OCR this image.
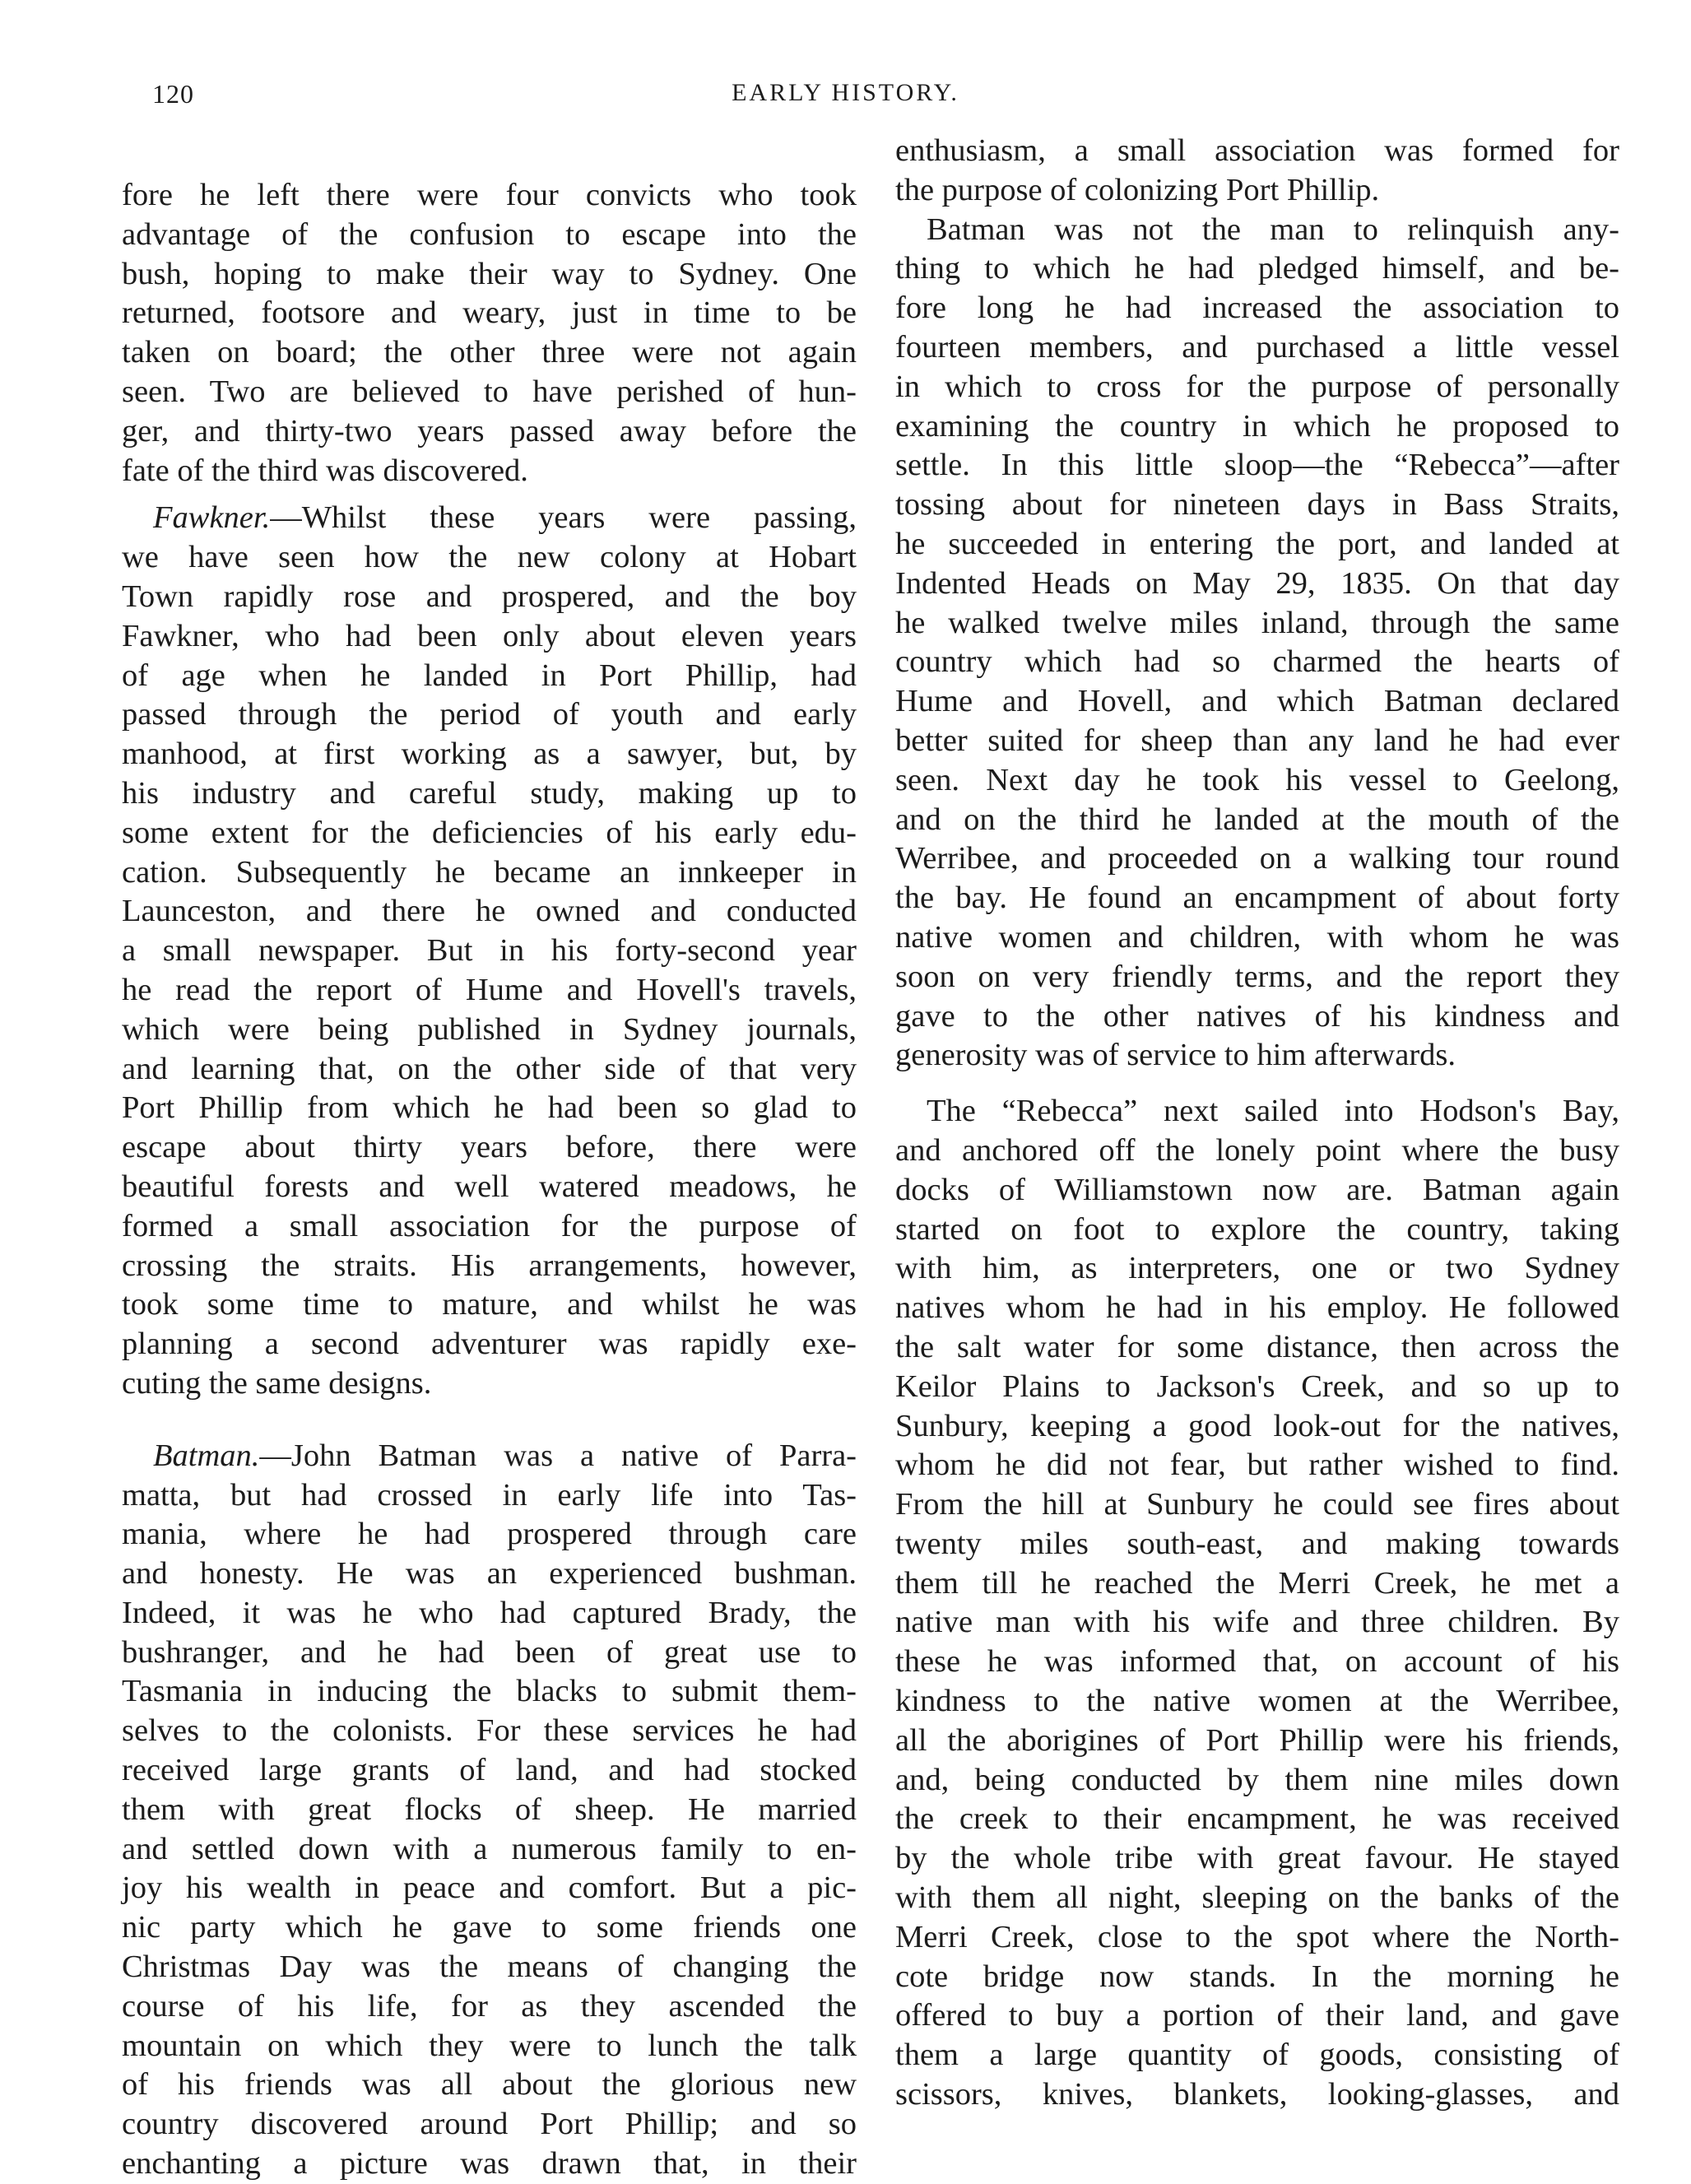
120	EARLY HISTORY.
fore he left there were four convicts who took
advantage of the confusion to escape into the
bush, hoping to make their way to Sydney. One
returned, footsore and weary, just in time to be
taken on board; the other three were not again
seen. Two are believed to have perished of hun-
ger, and thirty-two years passed away before the
fate of the third was discovered.
Fawkner.—Whilst these years were passing,
we have seen how the new colony at Hobart
Town rapidly rose and prospered, and the boy
Fawkner, who had been only about eleven years
of age when he landed in Port Phillip, had
passed through the period of youth and early
manhood, at first working as a sawyer, but, by
his industry and careful study, making up to
some extent for the deficiencies of his early edu-
cation. Subsequently he became an innkeeper in
Launceston, and there he owned and conducted
a small newspaper. But in his forty-second year
he read the report of Hume and Hovell's travels,
which were being published in Sydney journals,
and learning that, on the other side of that very
Port Phillip from which he had been so glad to
escape about thirty years before, there were
beautiful forests and well watered meadows, he
formed a small association for the purpose of
crossing the straits. His arrangements, however,
took some time to mature, and whilst he was
planning a second adventurer was rapidly exe-
cuting the same designs.
Batman.—John Batman was a native of Parra-
matta, but had crossed in early life into Tas-
mania, where he had prospered through care
and honesty. He was an experienced bushman.
Indeed, it was he who had captured Brady, the
bushranger, and he had been of great use to
Tasmania in inducing the blacks to submit them-
selves to the colonists. For these services he had
received large grants of land, and had stocked
them with great flocks of sheep. He married
and settled down with a numerous family to en-
joy his wealth in peace and comfort. But a pic-
nic party which he gave to some friends one
Christmas Day was the means of changing the
course of his life, for as they ascended the
mountain on which they were to lunch the talk
of his friends was all about the glorious new
country discovered around Port Phillip; and so
enchanting a picture was drawn that, in their
enthusiasm, a small association was formed for
the purpose of colonizing Port Phillip.
Batman was not the man to relinquish any-
thing to which he had pledged himself, and be-
fore long he had increased the association to
fourteen members, and purchased a little vessel
in which to cross for the purpose of personally
examining the country in which he proposed to
settle. In this little sloop—the “Rebecca”—after
tossing about for nineteen days in Bass Straits,
he succeeded in entering the port, and landed at
Indented Heads on May 29, 1835. On that day
he walked twelve miles inland, through the same
country which had so charmed the hearts of
Hume and Hovell, and which Batman declared
better suited for sheep than any land he had ever
seen. Next day he took his vessel to Geelong,
and on the third he landed at the mouth of the
Werribee, and proceeded on a walking tour round
the bay. He found an encampment of about forty
native women and children, with whom he was
soon on very friendly terms, and the report they
gave to the other natives of his kindness and
generosity was of service to him afterwards.
The “Rebecca” next sailed into Hodson's Bay,
and anchored off the lonely point where the busy
docks of Williamstown now are. Batman again
started on foot to explore the country, taking
with him, as interpreters, one or two Sydney
natives whom he had in his employ. He followed
the salt water for some distance, then across the
Keilor Plains to Jackson's Creek, and so up to
Sunbury, keeping a good look-out for the natives,
whom he did not fear, but rather wished to find.
From the hill at Sunbury he could see fires about
twenty miles south-east, and making towards
them till he reached the Merri Creek, he met a
native man with his wife and three children. By
these he was informed that, on account of his
kindness to the native women at the Werribee,
all the aborigines of Port Phillip were his friends,
and, being conducted by them nine miles down
the creek to their encampment, he was received
by the whole tribe with great favour. He stayed
with them all night, sleeping on the banks of the
Merri Creek, close to the spot where the North-
cote bridge now stands. In the morning he
offered to buy a portion of their land, and gave
them a large quantity of goods, consisting of
scissors, knives, blankets, looking-glasses, and
